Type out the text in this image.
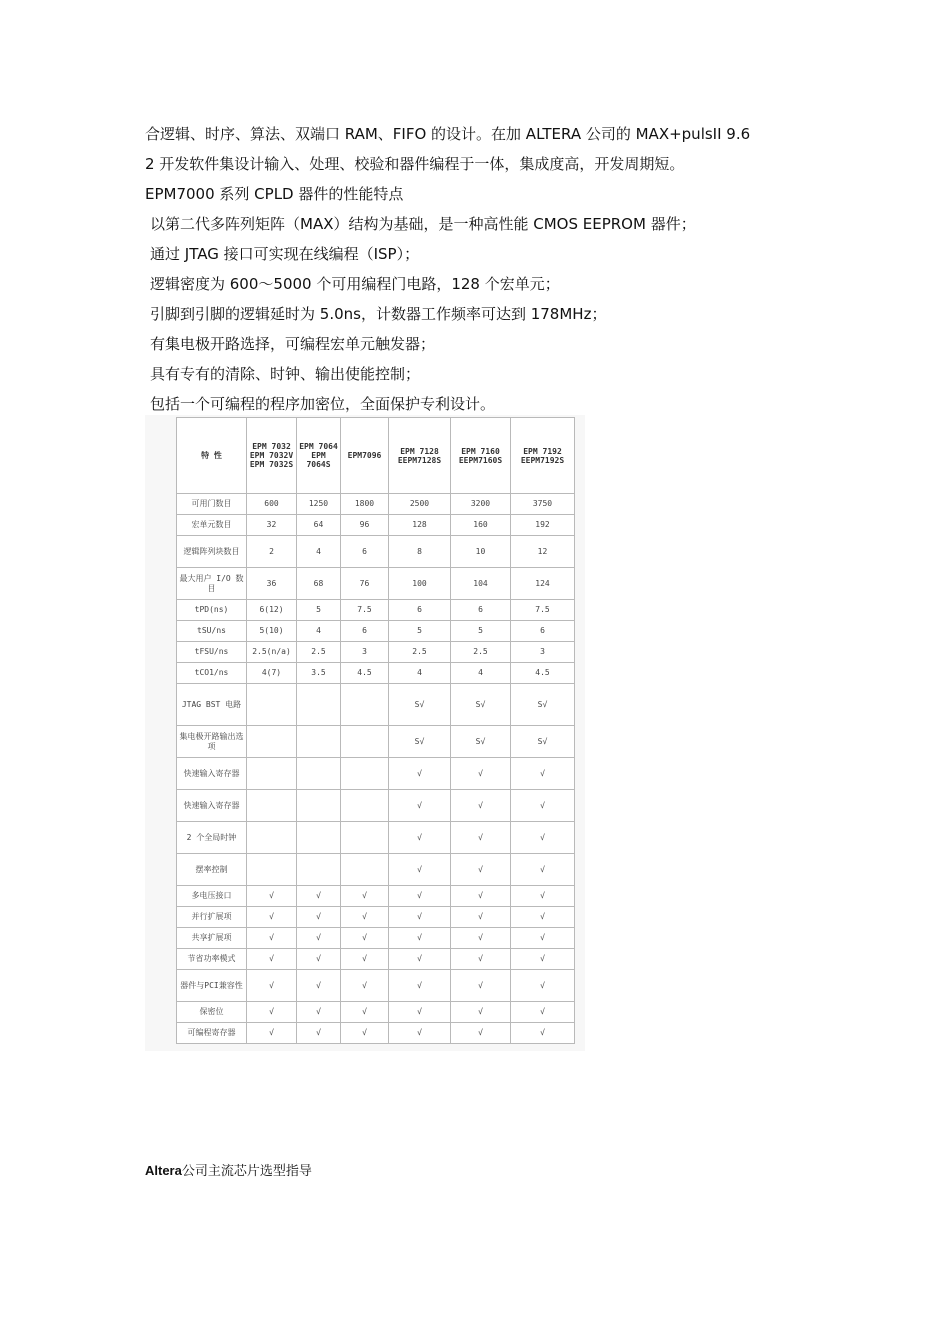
合逻辑、时序、算法、双端口 RAM、FIFO 的设计。在加 ALTERA 公司的 MAX+pulsII 9.6
2 开发软件集设计输入、处理、校验和器件编程于一体，集成度高，开发周期短。
EPM7000 系列 CPLD 器件的性能特点
以第二代多阵列矩阵（MAX）结构为基础，是一种高性能 CMOS EEPROM 器件；
通过 JTAG 接口可实现在线编程（ISP）；
逻辑密度为 600～5000 个可用编程门电路，128 个宏单元；
引脚到引脚的逻辑延时为 5.0ns，计数器工作频率可达到 178MHz；
有集电极开路选择，可编程宏单元触发器；
具有专有的清除、时钟、输出使能控制；
包括一个可编程的程序加密位，全面保护专利设计。
特 性	EPM 7032 EPM 7032V EPM 7032S	EPM 7064 EPM 7064S	EPM7096	EPM 7128 EEPM7128S	EPM 7160 EEPM7160S	EPM 7192 EEPM7192S
可用门数目	600	1250	1800	2500	3200	3750
宏单元数目	32	64	96	128	160	192
逻辑阵列块数目	2	4	6	8	10	12
最大用户 I/O 数目	36	68	76	100	104	124
tPD(ns)	6(12)	5	7.5	6	6	7.5
tSU/ns	5(10)	4	6	5	5	6
tFSU/ns	2.5(n/a)	2.5	3	2.5	2.5	3
tCO1/ns	4(7)	3.5	4.5	4	4	4.5
JTAG BST 电路				S√	S√	S√
集电极开路输出选项				S√	S√	S√
快速输入寄存器				√	√	√
快速输入寄存器				√	√	√
2 个全局时钟				√	√	√
摆率控制				√	√	√
多电压接口	√	√	√	√	√	√
并行扩展项	√	√	√	√	√	√
共享扩展项	√	√	√	√	√	√
节省功率模式	√	√	√	√	√	√
器件与PCI兼容性	√	√	√	√	√	√
保密位	√	√	√	√	√	√
可编程寄存器	√	√	√	√	√	√
Altera公司主流芯片选型指导
